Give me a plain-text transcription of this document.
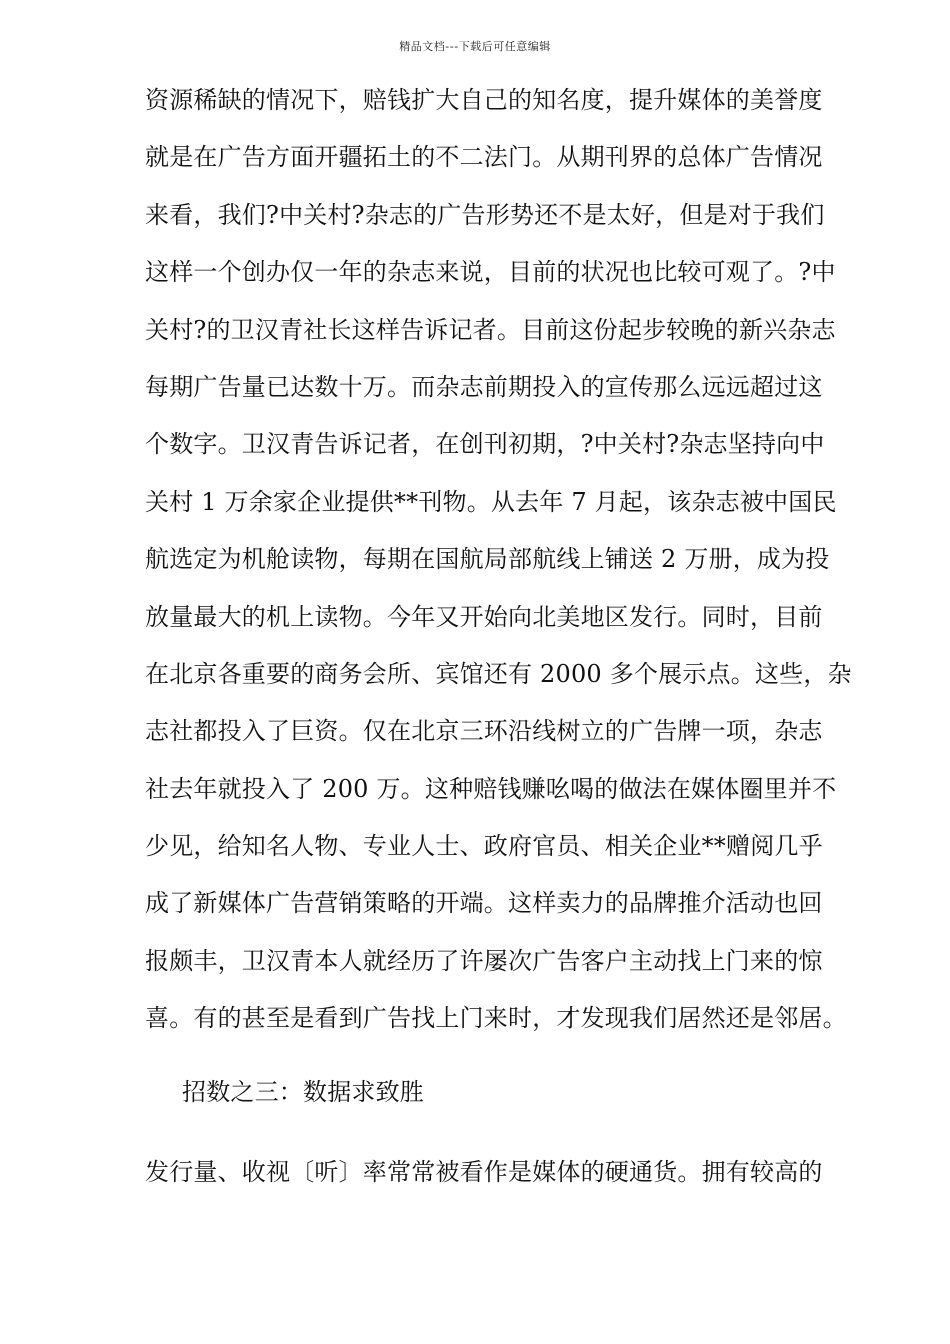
精品文档---下载后可任意编辑
资源稀缺的情况下，赔钱扩大自己的知名度，提升媒体的美誉度
就是在广告方面开疆拓土的不二法门。从期刊界的总体广告情况
来看，我们?中关村?杂志的广告形势还不是太好，但是对于我们
这样一个创办仅一年的杂志来说，目前的状况也比较可观了。?中
关村?的卫汉青社长这样告诉记者。目前这份起步较晚的新兴杂志
每期广告量已达数十万。而杂志前期投入的宣传那么远远超过这
个数字。卫汉青告诉记者，在创刊初期，?中关村?杂志坚持向中
关村 1 万余家企业提供**刊物。从去年 7 月起，该杂志被中国民
航选定为机舱读物，每期在国航局部航线上铺送 2 万册，成为投
放量最大的机上读物。今年又开始向北美地区发行。同时，目前
在北京各重要的商务会所、宾馆还有 2000 多个展示点。这些，杂
志社都投入了巨资。仅在北京三环沿线树立的广告牌一项，杂志
社去年就投入了 200 万。这种赔钱赚吆喝的做法在媒体圈里并不
少见，给知名人物、专业人士、政府官员、相关企业**赠阅几乎
成了新媒体广告营销策略的开端。这样卖力的品牌推介活动也回
报颇丰，卫汉青本人就经历了许屡次广告客户主动找上门来的惊
喜。有的甚至是看到广告找上门来时，才发现我们居然还是邻居。
招数之三：数据求致胜
发行量、收视〔听〕率常常被看作是媒体的硬通货。拥有较高的
